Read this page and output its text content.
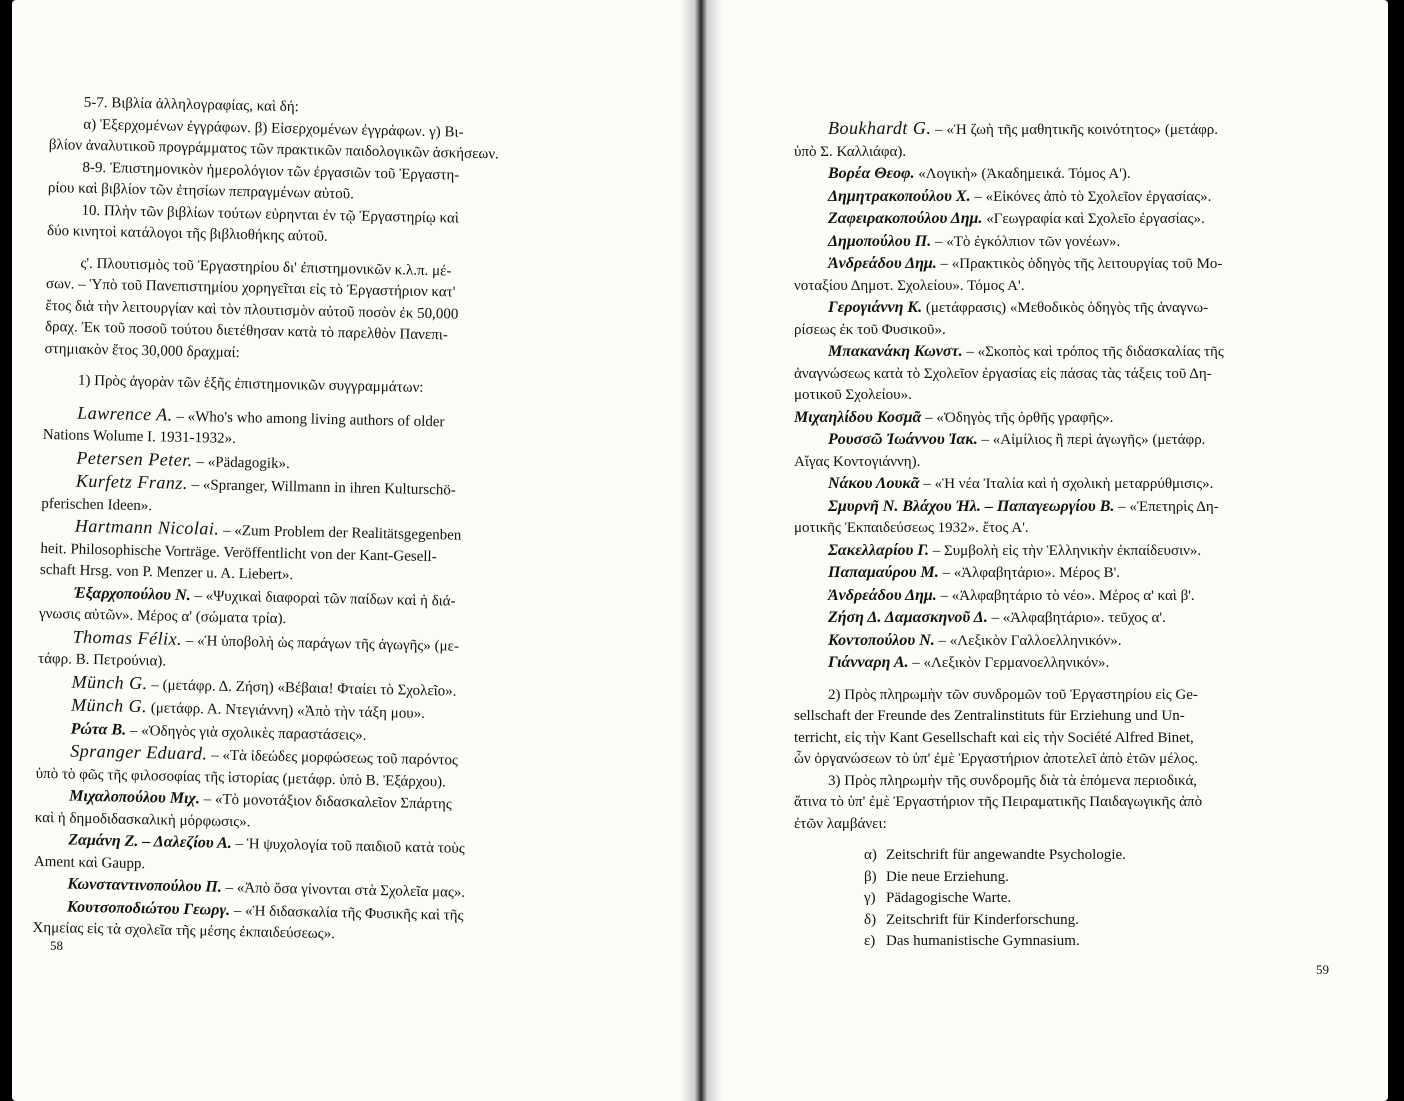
5-7. Βιβλία ἀλληλογραφίας, καὶ δή:

α) Ἐξερχομένων ἐγγράφων. β) Εἰσερχομένων ἐγγράφων. γ) Βι-

βλίον ἀναλυτικοῦ προγράμματος τῶν πρακτικῶν παιδολογικῶν ἀσκήσεων.

8-9. Ἐπιστημονικὸν ἡμερολόγιον τῶν ἐργασιῶν τοῦ Ἐργαστη-

ρίου καὶ βιβλίον τῶν ἐτησίων πεπραγμένων αὐτοῦ.

10. Πλὴν τῶν βιβλίων τούτων εὑρηνται ἐν τῷ Ἐργαστηρίῳ καὶ

δύο κινητοὶ κατάλογοι τῆς βιβλιοθήκης αὐτοῦ.

ς'. Πλουτισμὸς τοῦ Ἐργαστηρίου δι' ἐπιστημονικῶν κ.λ.π. μέ-

σων. – Ὑπὸ τοῦ Πανεπιστημίου χορηγεῖται εἰς τὸ Ἐργαστήριον κατ'

ἔτος διὰ τὴν λειτουργίαν καὶ τὸν πλουτισμὸν αὐτοῦ ποσὸν ἐκ 50,000

δραχ. Ἐκ τοῦ ποσοῦ τούτου διετέθησαν κατὰ τὸ παρελθὸν Πανεπι-

στημιακὸν ἔτος 30,000 δραχμαί:

1) Πρὸς ἀγορὰν τῶν ἑξῆς ἐπιστημονικῶν συγγραμμάτων:

Lawrence A. – «Who's who among living authors of older

Nations Wolume I. 1931-1932».

Petersen Peter. – «Pädagogik».

Kurfetz Franz. – «Spranger, Willmann in ihren Kulturschö-

pferischen Ideen».

Hartmann Nicolai. – «Zum Problem der Realitätsgegenben

heit. Philosophische Vorträge. Veröffentlicht von der Kant-Gesell-

schaft Hrsg. von P. Menzer u. A. Liebert».

Ἐξαρχοπούλου Ν. – «Ψυχικαὶ διαφοραὶ τῶν παίδων καὶ ἡ διά-

γνωσις αὐτῶν». Μέρος α' (σώματα τρία).

Thomas Félix. – «Ἡ ὑποβολὴ ὡς παράγων τῆς ἀγωγῆς» (με-

τάφρ. Β. Πετρούνια).

Münch G. – (μετάφρ. Δ. Ζήση) «Βέβαια! Φταίει τὸ Σχολεῖο».

Münch G. (μετάφρ. Α. Ντεγιάννη) «Ἀπὸ τὴν τάξη μου».

Ρώτα Β. – «Ὁδηγὸς γιὰ σχολικὲς παραστάσεις».

Spranger Eduard. – «Τὰ ἰδεώδες μορφώσεως τοῦ παρόντος

ὑπὸ τὸ φῶς τῆς φιλοσοφίας τῆς ἱστορίας (μετάφρ. ὑπὸ Β. Ἐξάρχου).

Μιχαλοπούλου Μιχ. – «Τὸ μονοτάξιον διδασκαλεῖον Σπάρτης

καὶ ἡ δημοδιδασκαλικὴ μόρφωσις».

Ζαμάνη Ζ. – Δαλεζίου Α. – Ἡ ψυχολογία τοῦ παιδιοῦ κατὰ τοὺς

Ament καὶ Gaupp.

Κωνσταντινοπούλου Π. – «Ἀπὸ ὅσα γίνονται στὰ Σχολεῖα μας».

Κουτσοποδιώτου Γεωργ. – «Ἡ διδασκαλία τῆς Φυσικῆς καὶ τῆς

Χημείας εἰς τὰ σχολεῖα τῆς μέσης ἐκπαιδεύσεως».

58

Boukhardt G. – «Ἡ ζωὴ τῆς μαθητικῆς κοινότητος» (μετάφρ.

ὑπὸ Σ. Καλλιάφα).

Βορέα Θεοφ. «Λογικὴ» (Ἀκαδημεικά. Τόμος Α').

Δημητρακοπούλου Χ. – «Εἰκόνες ἀπὸ τὸ Σχολεῖον ἐργασίας».

Ζαφειρακοπούλου Δημ. «Γεωγραφία καὶ Σχολεῖο ἐργασίας».

Δημοπούλου Π. – «Τὸ ἐγκόλπιον τῶν γονέων».

Ἀνδρεάδου Δημ. – «Πρακτικὸς ὁδηγὸς τῆς λειτουργίας τοῦ Μο-

νοταξίου Δημοτ. Σχολείου». Τόμος Α'.

Γερογιάννη Κ. (μετάφρασις) «Μεθοδικὸς ὁδηγὸς τῆς ἀναγνω-

ρίσεως ἐκ τοῦ Φυσικοῦ».

Μπακανάκη Κωνστ. – «Σκοπὸς καὶ τρόπος τῆς διδασκαλίας τῆς

ἀναγνώσεως κατὰ τὸ Σχολεῖον ἐργασίας εἰς πάσας τὰς τάξεις τοῦ Δη-

μοτικοῦ Σχολείου».

Μιχαηλίδου Κοσμᾶ – «Ὁδηγὸς τῆς ὀρθῆς γραφῆς».

Ρουσσῶ Ἰωάννου Ἰακ. – «Αἰμίλιος ἢ περὶ ἀγωγῆς» (μετάφρ.

Αἴγας Κοντογιάννη).

Νάκου Λουκᾶ – «Ἡ νέα Ἰταλία καὶ ἡ σχολικὴ μεταρρύθμισις».

Σμυρνῆ Ν. Βλάχου Ἠλ. – Παπαγεωργίου Β. – «Ἐπετηρὶς Δη-

μοτικῆς Ἐκπαιδεύσεως 1932». ἔτος Α'.

Σακελλαρίου Γ. – Συμβολὴ εἰς τὴν Ἑλληνικὴν ἐκπαίδευσιν».

Παπαμαύρου Μ. – «Ἀλφαβητάριο». Μέρος Β'.

Ἀνδρεάδου Δημ. – «Ἀλφαβητάριο τὸ νέο». Μέρος α' καὶ β'.

Ζήση Δ. Δαμασκηνοῦ Δ. – «Ἀλφαβητάριο». τεῦχος α'.

Κοντοπούλου Ν. – «Λεξικὸν Γαλλοελληνικόν».

Γιάνναρη Α. – «Λεξικὸν Γερμανοελληνικόν».

2) Πρὸς πληρωμὴν τῶν συνδρομῶν τοῦ Ἐργαστηρίου εἰς Ge-

sellschaft der Freunde des Zentralinstituts für Erziehung und Un-

terricht, εἰς τὴν Kant Gesellschaft καὶ εἰς τὴν Société Alfred Binet,

ὧν ὀργανώσεων τὸ ὑπ' ἐμὲ Ἐργαστήριον ἀποτελεῖ ἀπὸ ἐτῶν μέλος.

3) Πρὸς πληρωμὴν τῆς συνδρομῆς διὰ τὰ ἑπόμενα περιοδικά,

ἅτινα τὸ ὑπ' ἐμὲ Ἐργαστήριον τῆς Πειραματικῆς Παιδαγωγικῆς ἀπὸ

ἐτῶν λαμβάνει:

α) Zeitschrift für angewandte Psychologie.

β) Die neue Erziehung.

γ) Pädagogische Warte.

δ) Zeitschrift für Kinderforschung.

ε) Das humanistische Gymnasium.

59
